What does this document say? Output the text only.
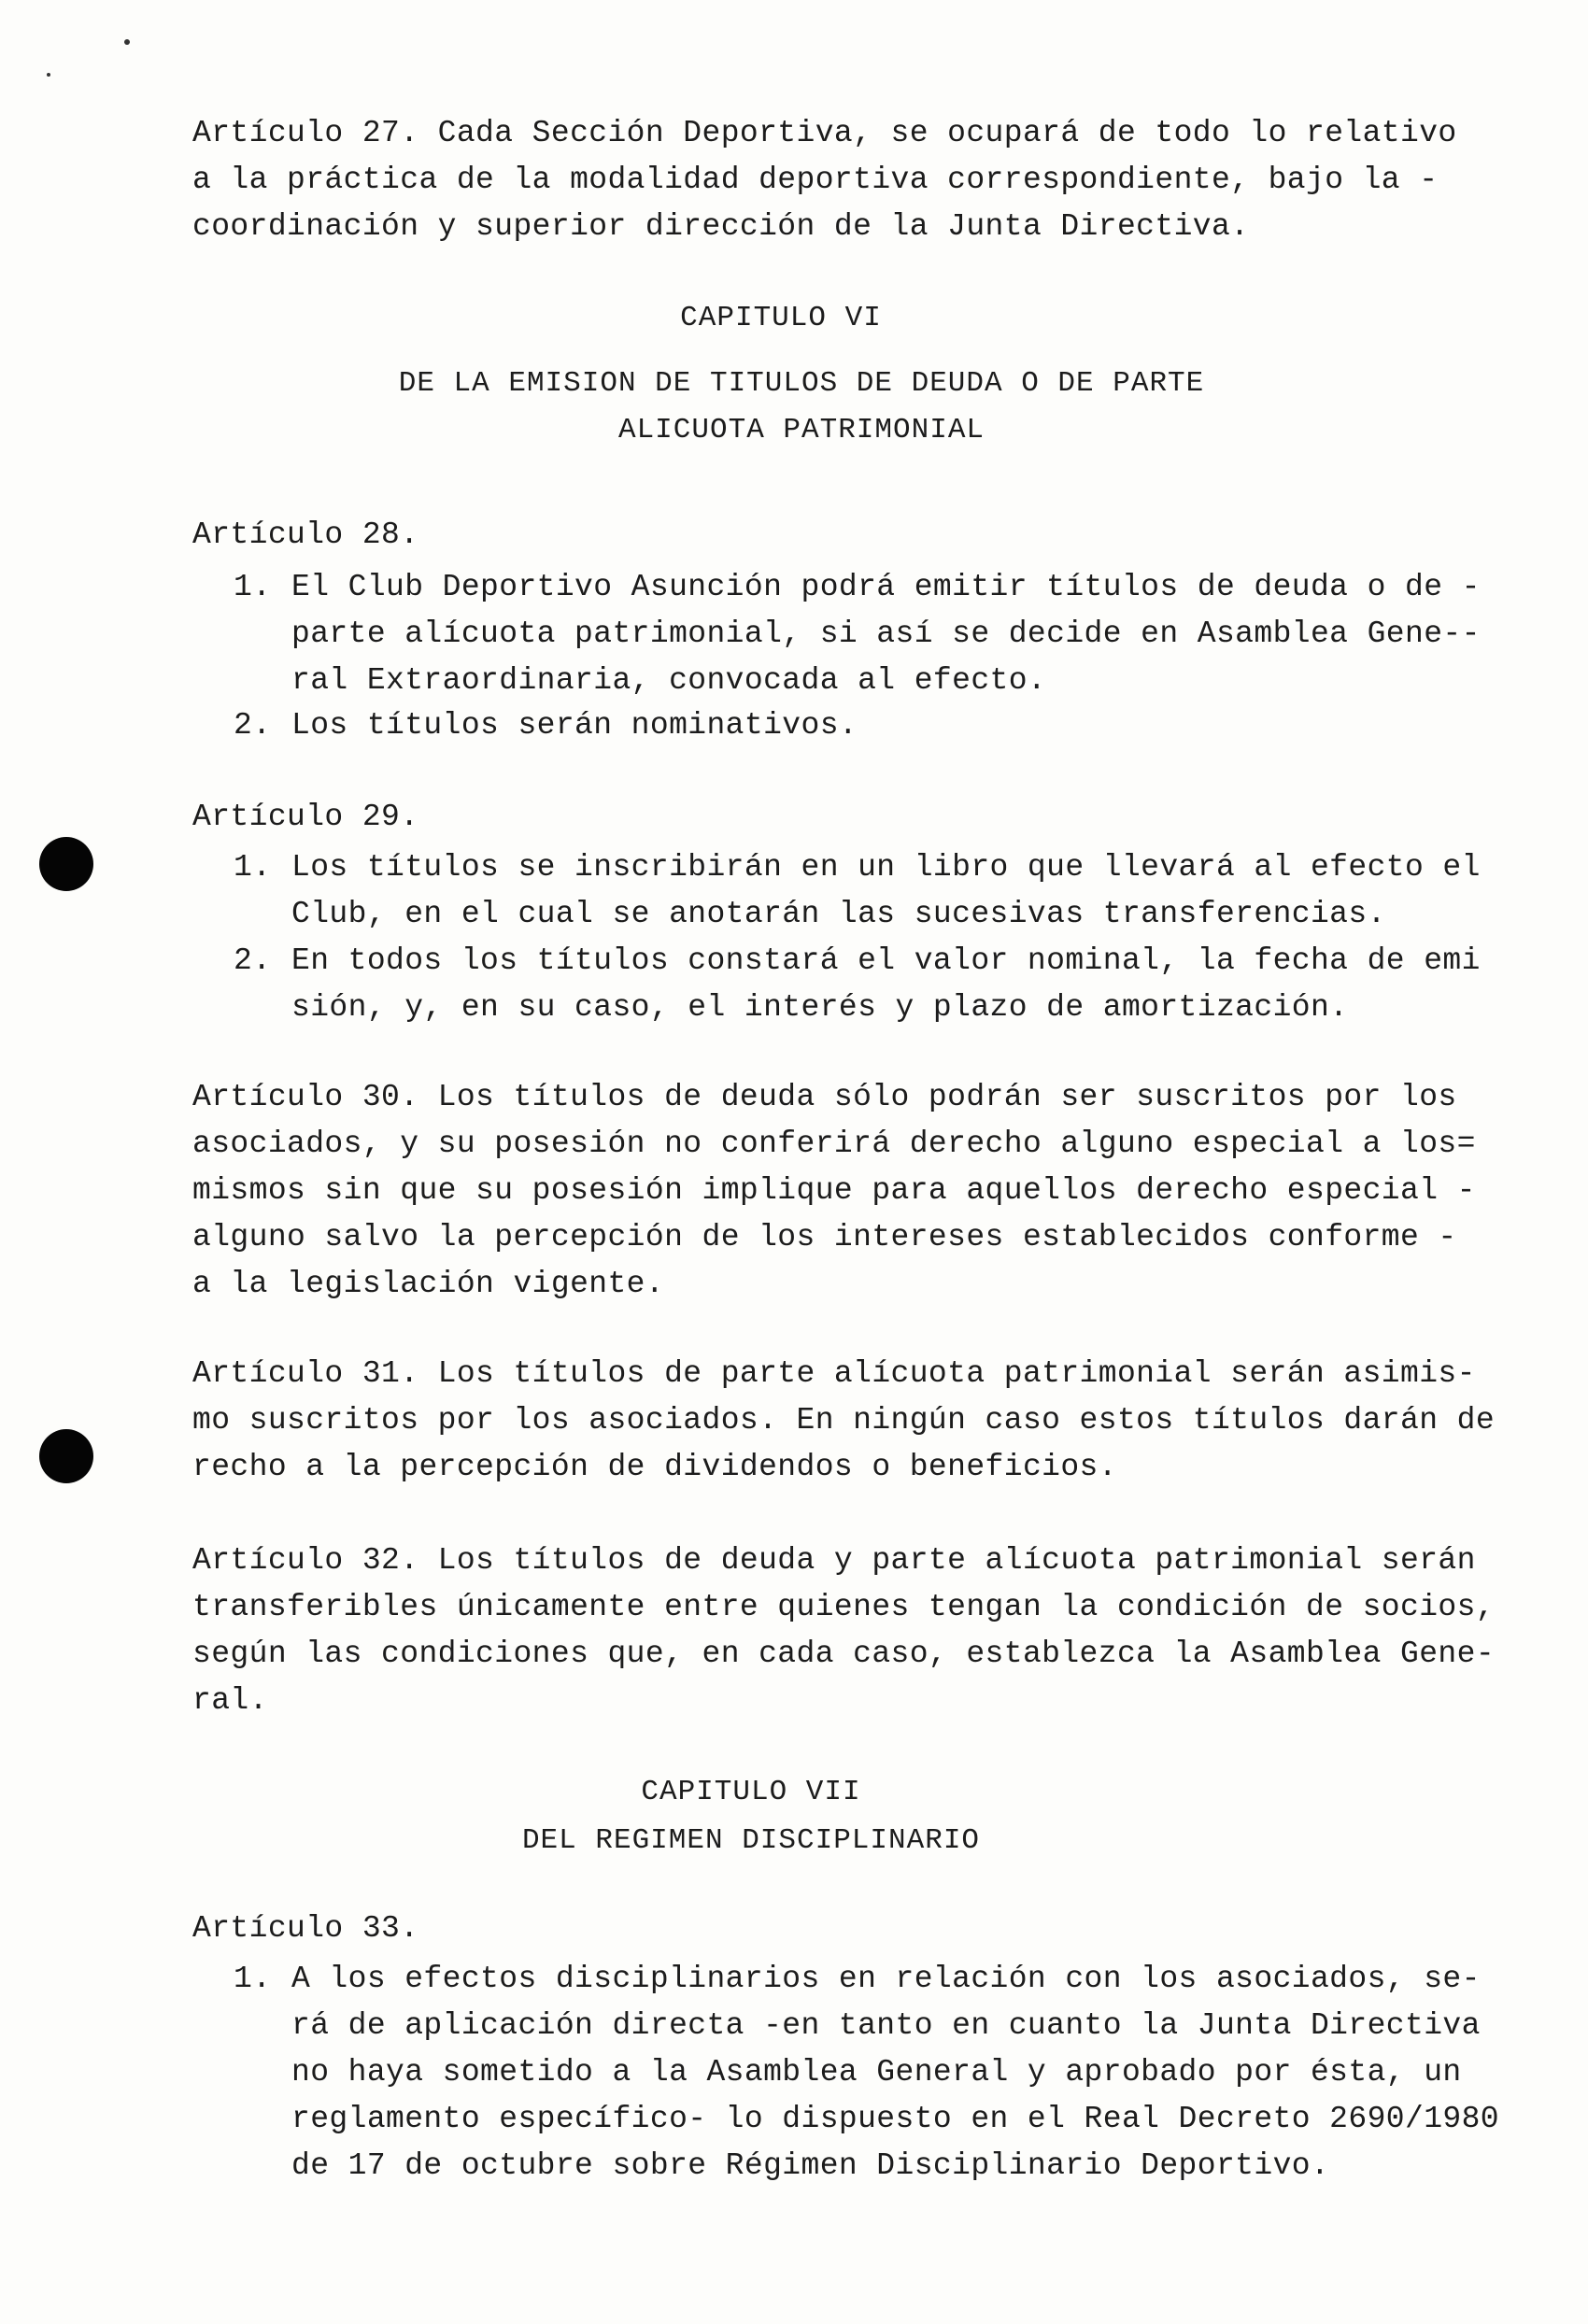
Artículo 27. Cada Sección Deportiva, se ocupará de todo lo relativo
a la práctica de la modalidad deportiva correspondiente, bajo la -
coordinación y superior dirección de la Junta Directiva.
CAPITULO VI
DE LA EMISION DE TITULOS DE DEUDA O DE PARTE
ALICUOTA PATRIMONIAL
Artículo 28.
1. El Club Deportivo Asunción podrá emitir títulos de deuda o de -
parte alícuota patrimonial, si así se decide en Asamblea Gene--
ral Extraordinaria, convocada al efecto.
2. Los títulos serán nominativos.
Artículo 29.
1. Los títulos se inscribirán en un libro que llevará al efecto el
Club, en el cual se anotarán las sucesivas transferencias.
2. En todos los títulos constará el valor nominal, la fecha de emi
sión, y, en su caso, el interés y plazo de amortización.
Artículo 30. Los títulos de deuda sólo podrán ser suscritos por los
asociados, y su posesión no conferirá derecho alguno especial a los=
mismos sin que su posesión implique para aquellos derecho especial -
alguno salvo la percepción de los intereses establecidos conforme -
a la legislación vigente.
Artículo 31. Los títulos de parte alícuota patrimonial serán asimis-
mo suscritos por los asociados. En ningún caso estos títulos darán de
recho a la percepción de dividendos o beneficios.
Artículo 32. Los títulos de deuda y parte alícuota patrimonial serán
transferibles únicamente entre quienes tengan la condición de socios,
según las condiciones que, en cada caso, establezca la Asamblea Gene-
ral.
CAPITULO VII
DEL REGIMEN DISCIPLINARIO
Artículo 33.
1. A los efectos disciplinarios en relación con los asociados, se-
rá de aplicación directa -en tanto en cuanto la Junta Directiva
no haya sometido a la Asamblea General y aprobado por ésta, un
reglamento específico- lo dispuesto en el Real Decreto 2690/1980
de 17 de octubre sobre Régimen Disciplinario Deportivo.
